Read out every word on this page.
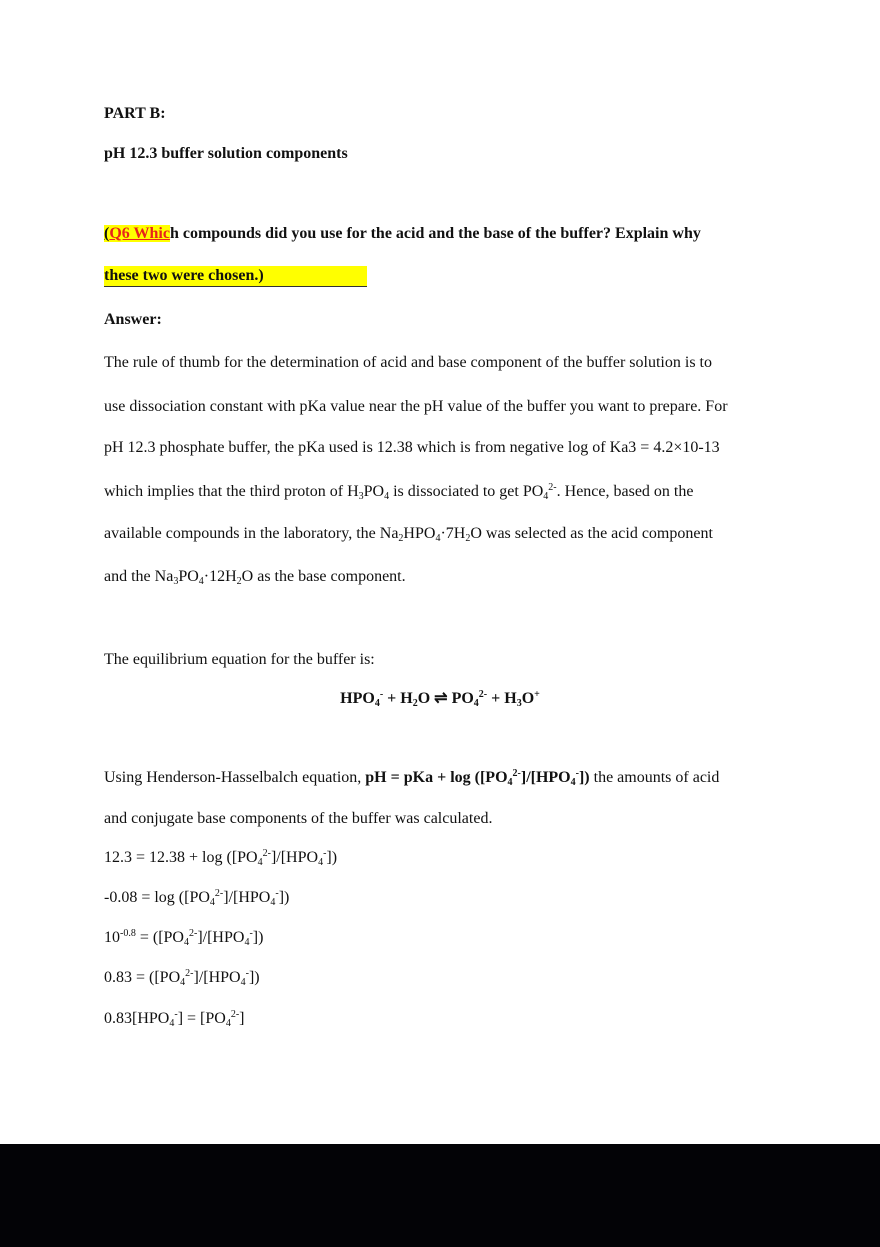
PART B:
pH 12.3 buffer solution components
(Q6 Which compounds did you use for the acid and the base of the buffer? Explain why
these two were chosen.)
Answer:
The rule of thumb for the determination of acid and base component of the buffer solution is to
use dissociation constant with pKa value near the pH value of the buffer you want to prepare. For
pH 12.3 phosphate buffer, the pKa used is 12.38 which is from negative log of Ka3 = 4.2×10-13
which implies that the third proton of $H_3PO_4$ is dissociated to get $PO_4^{2-}$. Hence, based on the
available compounds in the laboratory, the $Na_2HPO_4\cdot 7H_2O$ was selected as the acid component
and the $Na_3PO_4\cdot 12H_2O$ as the base component.
The equilibrium equation for the buffer is:
$HPO_4^- + H_2O$ ⇌ $PO_4^{2-} + H_3O^+$
Using Henderson-Hasselbalch equation, pH = pKa + $\log ([PO_4^{2-}]/[HPO_4^-])$ the amounts of acid
and conjugate base components of the buffer was calculated.
$12.3 = 12.38 + \log ([PO_4^{2-}]/[HPO_4^-])$
$-0.08 = \log ([PO_4^{2-}]/[HPO_4^-])$
$10^{-0.8} = ([PO_4^{2-}]/[HPO_4^-])$
$0.83 = ([PO_4^{2-}]/[HPO_4^-])$
$0.83[HPO_4^-] = [PO_4^{2-}]$
